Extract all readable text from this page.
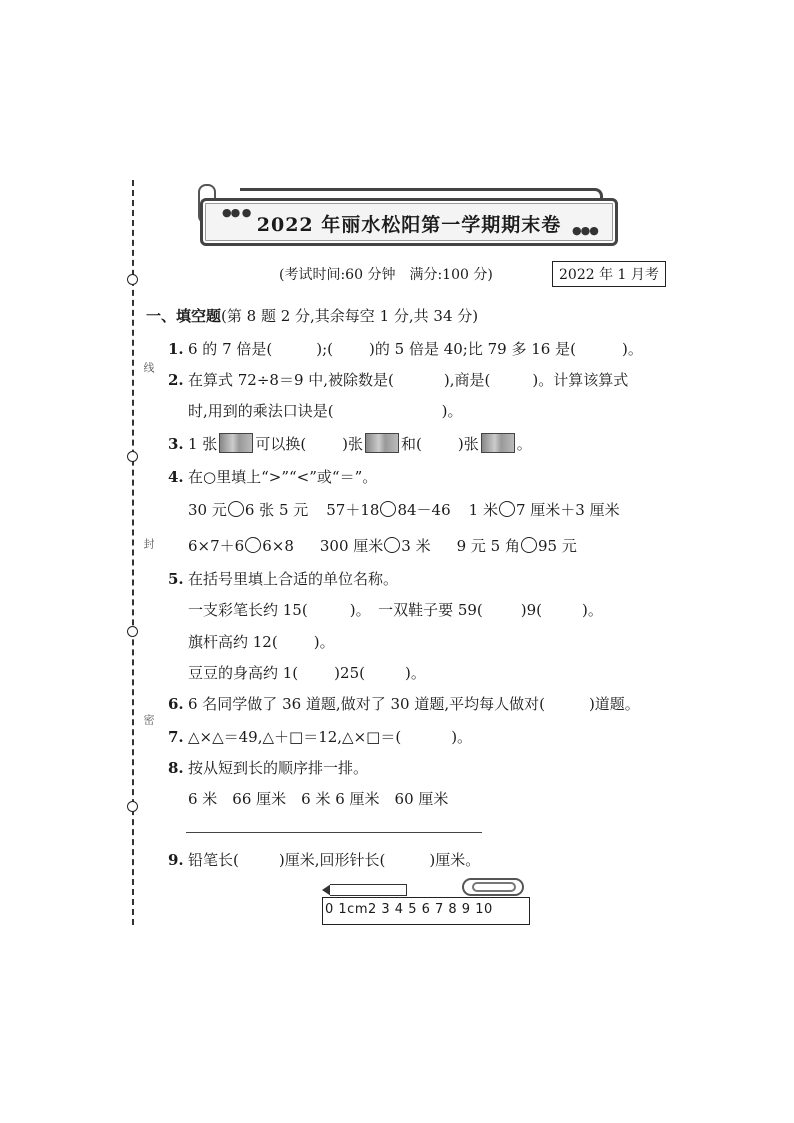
线
封
密
2022 年丽水松阳第一学期期末卷
●● ●
●●●
(考试时间:60 分钟　满分:100 分)	2022 年 1 月考
一、填空题(第 8 题 2 分,其余每空 1 分,共 34 分)
1. 6 的 7 倍是(	);( )的 5 倍是 40;比 79 多 16 是(	)。
2. 在算式 72÷8＝9 中,被除数是(	),商是(	)。计算该算式
时,用到的乘法口诀是(	)。
3. 1 张	可以换( )张	和( )张	。
4. 在○里填上“>”“<”或“＝”。
30 元 6 张 5 元 57＋18 84－46 1 米 7 厘米＋3 厘米
6×7＋6 6×8 300 厘米 3 米 9 元 5 角 95 元
5. 在括号里填上合适的单位名称。
一支彩笔长约 15(	)。　一双鞋子要 59(	)9(	)。
旗杆高约 12( )。
豆豆的身高约 1( )25(	)。
6. 6 名同学做了 36 道题,做对了 30 道题,平均每人做对(	)道题。
7. △×△＝49,△＋□＝12,△×□＝(	)。
8. 按从短到长的顺序排一排。
6 米　66 厘米　6 米 6 厘米　60 厘米
9. 铅笔长(	)厘米,回形针长(	)厘米。
0 1cm2 3 4 5 6 7 8 9 10
